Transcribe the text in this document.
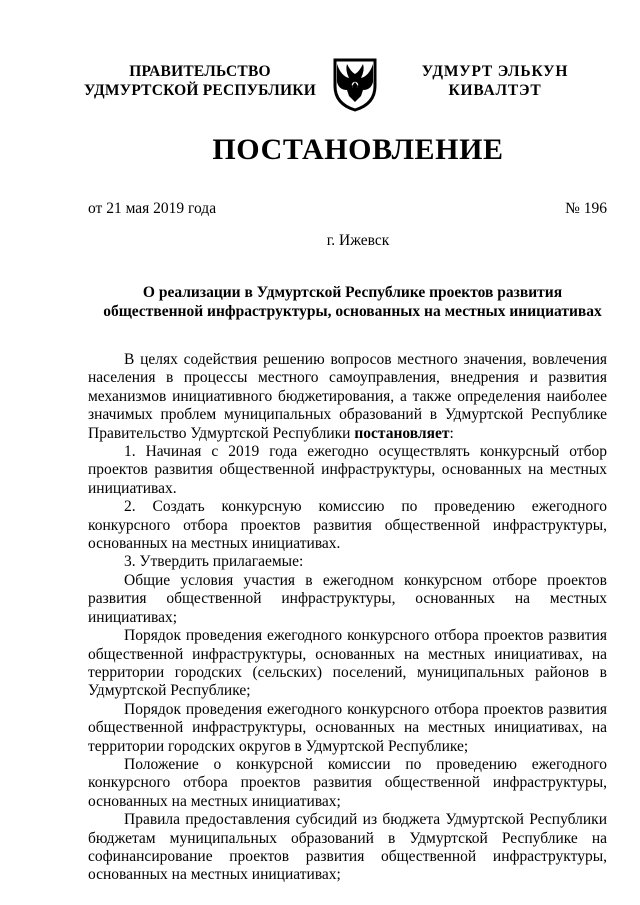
ПРАВИТЕЛЬСТВО
УДМУРТСКОЙ РЕСПУБЛИКИ
УДМУРТ ЭЛЬКУН
КИВАЛТЭТ
ПОСТАНОВЛЕНИЕ
от 21 мая 2019 года	№ 196
г. Ижевск
О реализации в Удмуртской Республике проектов развития
общественной инфраструктуры, основанных на местных инициативах

В целях содействия решению вопросов местного значения, вовлечения населения в процессы местного самоуправления, внедрения и развития механизмов инициативного бюджетирования, а также определения наиболее значимых проблем муниципальных образований в Удмуртской Республике Правительство Удмуртской Республики постановляет:

1. Начиная с 2019 года ежегодно осуществлять конкурсный отбор проектов развития общественной инфраструктуры, основанных на местных инициативах.

2. Создать конкурсную комиссию по проведению ежегодного конкурсного отбора проектов развития общественной инфраструктуры, основанных на местных инициативах.

3. Утвердить прилагаемые:

Общие условия участия в ежегодном конкурсном отборе проектов развития общественной инфраструктуры, основанных на местных инициативах;

Порядок проведения ежегодного конкурсного отбора проектов развития общественной инфраструктуры, основанных на местных инициативах, на территории городских (сельских) поселений, муниципальных районов в Удмуртской Республике;

Порядок проведения ежегодного конкурсного отбора проектов развития общественной инфраструктуры, основанных на местных инициативах, на территории городских округов в Удмуртской Республике;

Положение о конкурсной комиссии по проведению ежегодного конкурсного отбора проектов развития общественной инфраструктуры, основанных на местных инициативах;

Правила предоставления субсидий из бюджета Удмуртской Республики бюджетам муниципальных образований в Удмуртской Республике на софинансирование проектов развития общественной инфраструктуры, основанных на местных инициативах;
